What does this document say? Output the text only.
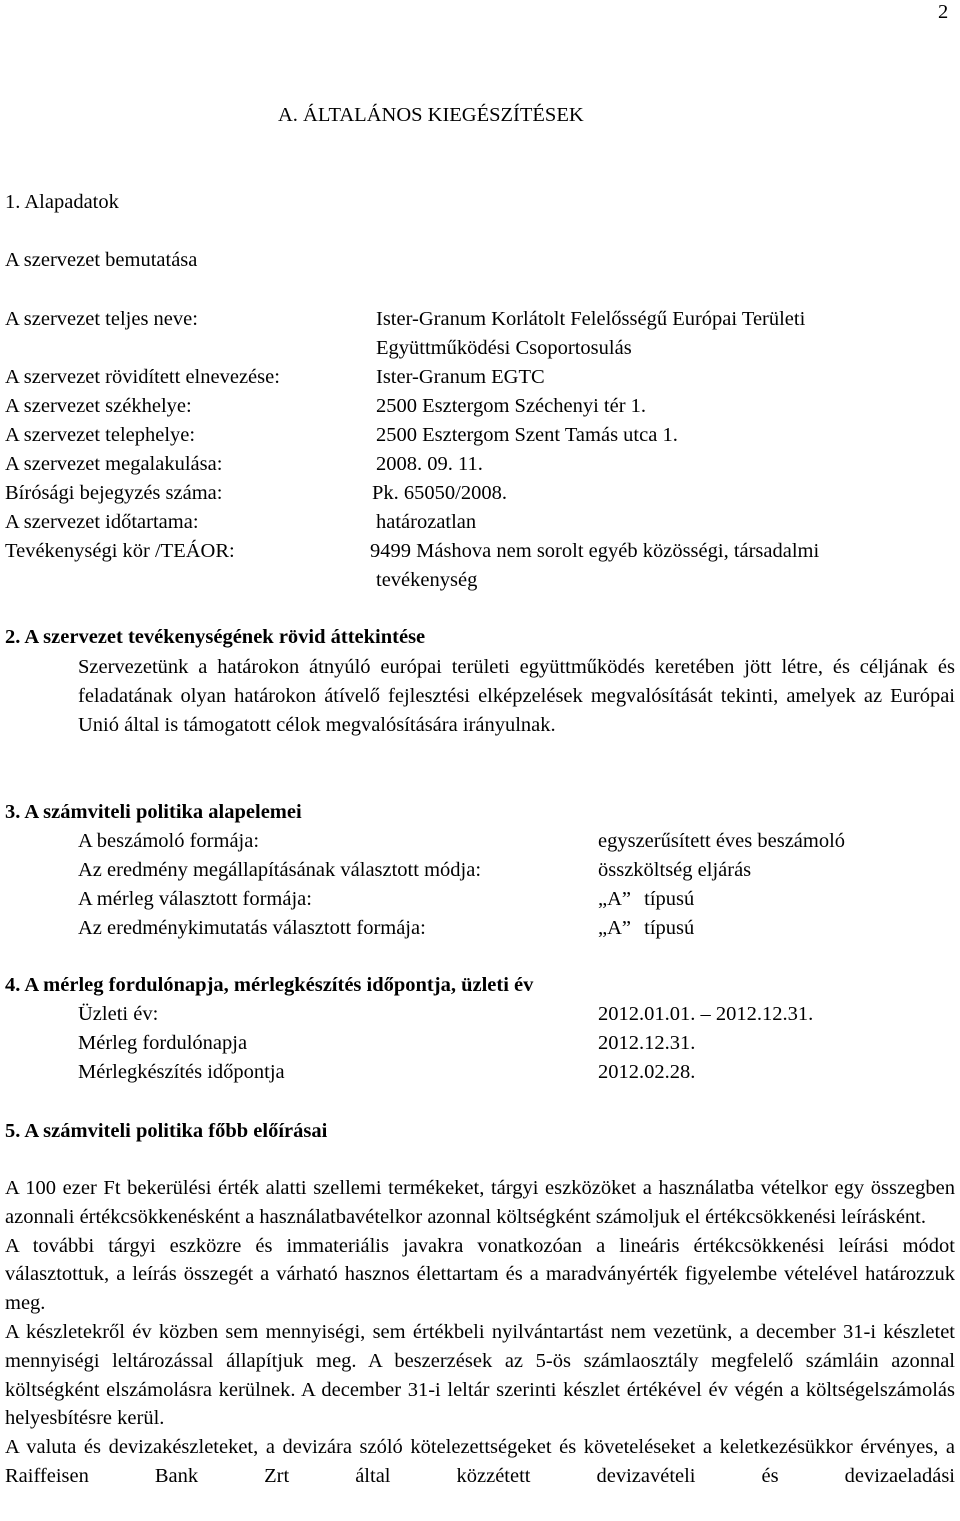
2
A. ÁLTALÁNOS KIEGÉSZÍTÉSEK
1. Alapadatok
A szervezet bemutatása
A szervezet teljes neve:	Ister-Granum Korlátolt Felelősségű Európai Területi
Együttműködési Csoportosulás
A szervezet rövidített elnevezése:	Ister-Granum EGTC
A szervezet székhelye:	2500 Esztergom Széchenyi tér 1.
A szervezet telephelye:	2500 Esztergom Szent Tamás utca 1.
A szervezet megalakulása:	2008. 09. 11.
Bírósági bejegyzés száma:	Pk. 65050/2008.
A szervezet időtartama:	határozatlan
Tevékenységi kör /TEÁOR:	9499 Máshova nem sorolt egyéb közösségi, társadalmi
tevékenység
2. A szervezet tevékenységének rövid áttekintése

Szervezetünk a határokon átnyúló európai területi együttműködés keretében jött létre, és céljának és feladatának olyan határokon átívelő fejlesztési elképzelések megvalósítását tekinti, amelyek az Európai Unió által is támogatott célok megvalósítására irányulnak.

3. A számviteli politika alapelemei
A beszámoló formája:	egyszerűsített éves beszámoló
Az eredmény megállapításának választott módja:	összköltség eljárás
A mérleg választott formája:	„A” típusú
Az eredménykimutatás választott formája:	„A” típusú
4. A mérleg fordulónapja, mérlegkészítés időpontja, üzleti év
Üzleti év:	2012.01.01. – 2012.12.31.
Mérleg fordulónapja	2012.12.31.
Mérlegkészítés időpontja	2012.02.28.
5. A számviteli politika főbb előírásai

A 100 ezer Ft bekerülési érték alatti szellemi termékeket, tárgyi eszközöket a használatba vételkor egy összegben azonnali értékcsökkenésként a használatbavételkor azonnal költségként számoljuk el értékcsökkenési leírásként.

A további tárgyi eszközre és immateriális javakra vonatkozóan a lineáris értékcsökkenési leírási módot választottuk, a leírás összegét a várható hasznos élettartam és a maradványérték figyelembe vételével határozzuk meg.

A készletekről év közben sem mennyiségi, sem értékbeli nyilvántartást nem vezetünk, a december 31-i készletet mennyiségi leltározással állapítjuk meg. A beszerzések az 5-ös számlaosztály megfelelő számláin azonnal költségként elszámolásra kerülnek. A december 31-i leltár szerinti készlet értékével év végén a költségelszámolás helyesbítésre kerül.

A valuta és devizakészleteket, a devizára szóló kötelezettségeket és követeléseket a keletkezésükkor érvényes, a Raiffeisen Bank Zrt által közzétett devizavételi és devizaeladási
